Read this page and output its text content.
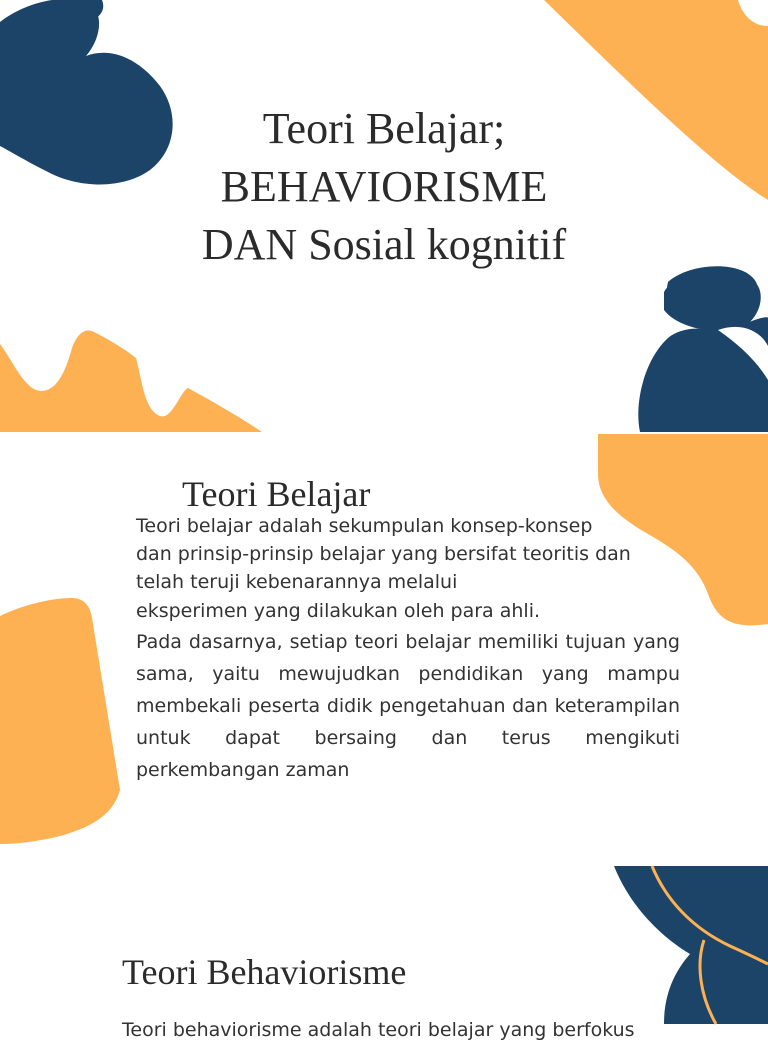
Teori Belajar;
BEHAVIORISME
DAN Sosial kognitif
Teori Belajar
Teori belajar adalah sekumpulan konsep-konsep
dan prinsip-prinsip belajar yang bersifat teoritis dan
telah teruji kebenarannya melalui
eksperimen yang dilakukan oleh para ahli.
Pada dasarnya, setiap teori belajar memiliki tujuan yang sama, yaitu mewujudkan pendidikan yang mampu membekali peserta didik pengetahuan dan keterampilan untuk dapat bersaing dan terus mengikuti perkembangan zaman
Teori Behaviorisme
Teori behaviorisme adalah teori belajar yang berfokus
